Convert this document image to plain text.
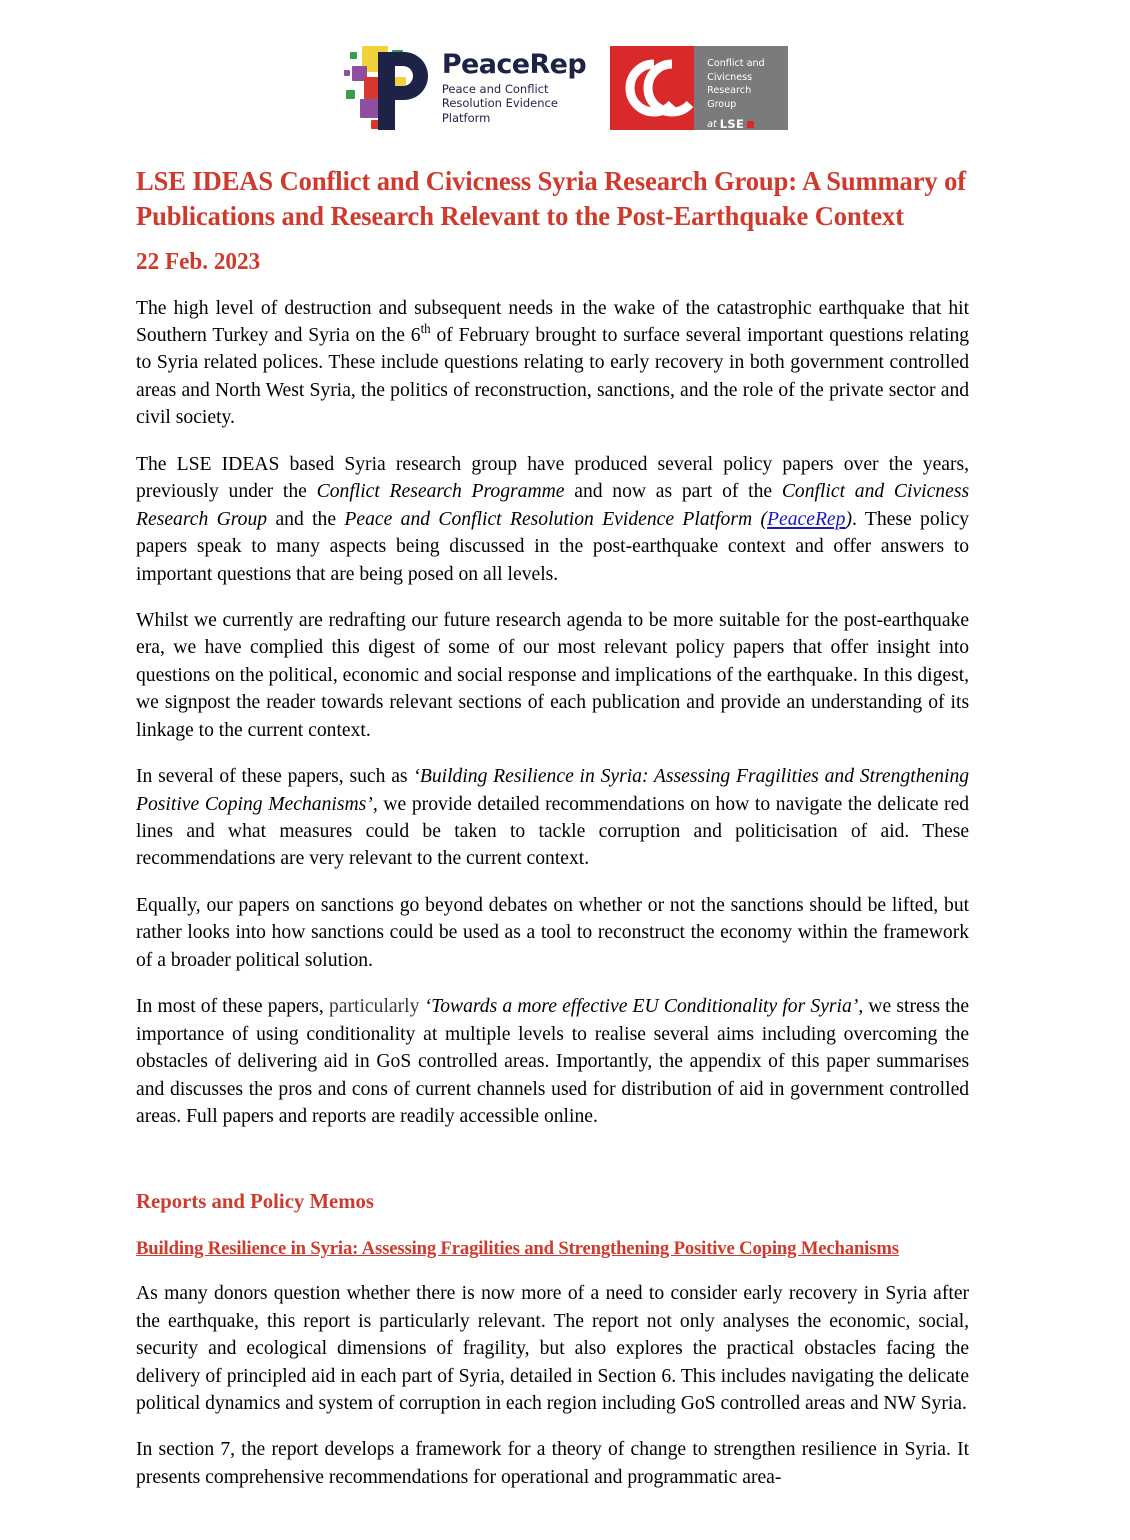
PeaceRep
Peace and Conflict
Resolution Evidence
Platform
Conflict and
Civicness
Research
Group
at LSE
LSE IDEAS Conflict and Civicness Syria Research Group: A Summary of Publications and Research Relevant to the Post-Earthquake Context
22 Feb. 2023

The high level of destruction and subsequent needs in the wake of the catastrophic earthquake that hit Southern Turkey and Syria on the 6th of February brought to surface several important questions relating to Syria related polices. These include questions relating to early recovery in both government controlled areas and North West Syria, the politics of reconstruction, sanctions, and the role of the private sector and civil society.

The LSE IDEAS based Syria research group have produced several policy papers over the years, previously under the Conflict Research Programme and now as part of the Conflict and Civicness Research Group and the Peace and Conflict Resolution Evidence Platform (PeaceRep). These policy papers speak to many aspects being discussed in the post-earthquake context and offer answers to important questions that are being posed on all levels.

Whilst we currently are redrafting our future research agenda to be more suitable for the post-earthquake era, we have complied this digest of some of our most relevant policy papers that offer insight into questions on the political, economic and social response and implications of the earthquake. In this digest, we signpost the reader towards relevant sections of each publication and provide an understanding of its linkage to the current context.

In several of these papers, such as ‘Building Resilience in Syria: Assessing Fragilities and Strengthening Positive Coping Mechanisms’, we provide detailed recommendations on how to navigate the delicate red lines and what measures could be taken to tackle corruption and politicisation of aid. These recommendations are very relevant to the current context.

Equally, our papers on sanctions go beyond debates on whether or not the sanctions should be lifted, but rather looks into how sanctions could be used as a tool to reconstruct the economy within the framework of a broader political solution.

In most of these papers, particularly ‘Towards a more effective EU Conditionality for Syria’, we stress the importance of using conditionality at multiple levels to realise several aims including overcoming the obstacles of delivering aid in GoS controlled areas. Importantly, the appendix of this paper summarises and discusses the pros and cons of current channels used for distribution of aid in government controlled areas. Full papers and reports are readily accessible online.

Reports and Policy Memos
Building Resilience in Syria: Assessing Fragilities and Strengthening Positive Coping Mechanisms

As many donors question whether there is now more of a need to consider early recovery in Syria after the earthquake, this report is particularly relevant. The report not only analyses the economic, social, security and ecological dimensions of fragility, but also explores the practical obstacles facing the delivery of principled aid in each part of Syria, detailed in Section 6. This includes navigating the delicate political dynamics and system of corruption in each region including GoS controlled areas and NW Syria.

In section 7, the report develops a framework for a theory of change to strengthen resilience in Syria. It presents comprehensive recommendations for operational and programmatic area-
